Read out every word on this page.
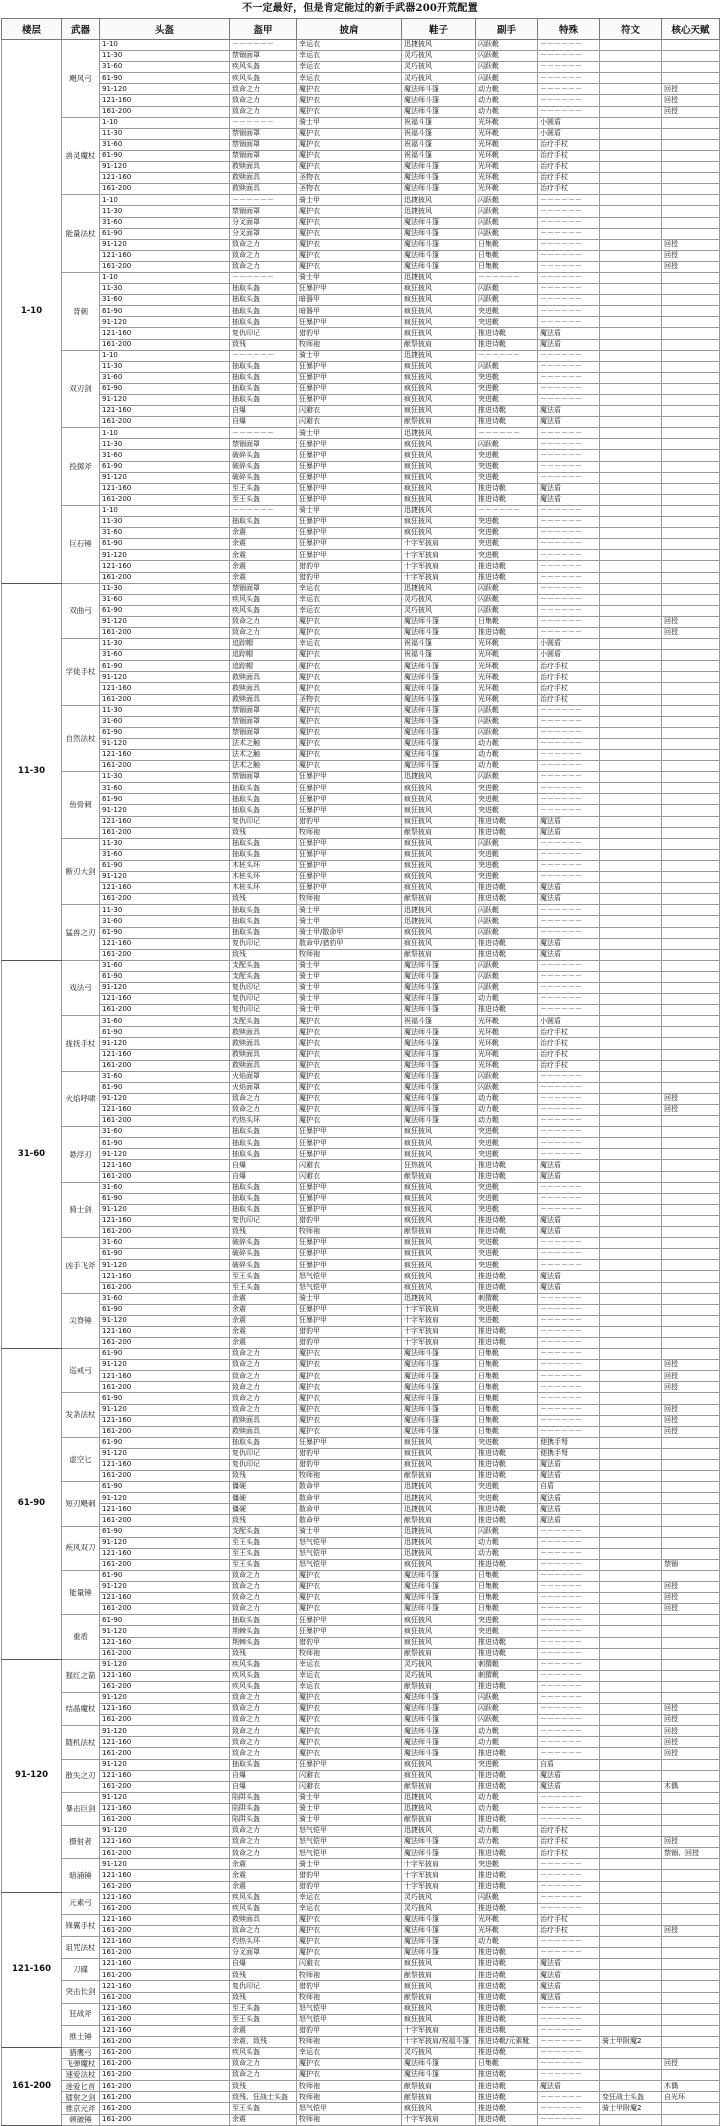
不一定最好，但是肯定能过的新手武器200开荒配置
楼层	武器	头盔	盔甲	披肩	鞋子	副手	特殊	符文	核心天赋
1-10	飓风弓	1-10	－－－－－－	幸运衣	迅捷披风	闪跃靴	－－－－－－		
		11-30	禁锢面罩	幸运衣	灵巧披风	闪跃靴	－－－－－－		
		31-60	疾风头盔	幸运衣	灵巧披风	闪跃靴	－－－－－－		
		61-90	疾风头盔	幸运衣	灵巧披风	闪跃靴	－－－－－－		
		91-120	致命之力	魔护衣	魔法师斗篷	动力靴	－－－－－－		回授
		121-160	致命之力	魔护衣	魔法师斗篷	动力靴	－－－－－－		回授
		161-200	致命之力	魔护衣	魔法师斗篷	动力靴	－－－－－－		回授
	兽灵魔杖	1-10	－－－－－－	骑士甲	祝福斗篷	光环靴	小圆盾		
		11-30	禁锢面罩	魔护衣	祝福斗篷	光环靴	小圆盾		
		31-60	禁锢面罩	魔护衣	祝福斗篷	光环靴	治疗手杖		
		61-90	禁锢面罩	魔护衣	祝福斗篷	光环靴	治疗手杖		
		91-120	救赎面具	魔护衣	魔法师斗篷	光环靴	治疗手杖		
		121-160	救赎面具	圣物衣	魔法师斗篷	光环靴	治疗手杖		
		161-200	救赎面具	圣物衣	魔法师斗篷	光环靴	治疗手杖		
	能量法杖	1-10	－－－－－－	骑士甲	迅捷披风	闪跃靴	－－－－－－		
		11-30	禁锢面罩	魔护衣	迅捷披风	闪跃靴	－－－－－－		
		31-60	分叉面罩	魔护衣	魔法师斗篷	闪跃靴	－－－－－－		
		61-90	分叉面罩	魔护衣	魔法师斗篷	闪跃靴	－－－－－－		
		91-120	致命之力	魔护衣	魔法师斗篷	日集靴	－－－－－－		回授
		121-160	致命之力	魔护衣	魔法师斗篷	日集靴	－－－－－－		回授
		161-200	致命之力	魔护衣	魔法师斗篷	日集靴	－－－－－－		回授
	背刺	1-10	－－－－－－	骑士甲	迅捷披风	－－－－－－	－－－－－－		
		11-30	抽取头盔	狂暴护甲	疯狂披风	闪跃靴	－－－－－－		
		31-60	抽取头盔	暗器甲	疯狂披风	闪跃靴	－－－－－－		
		61-90	抽取头盔	暗器甲	疯狂披风	突进靴	－－－－－－		
		91-120	抽取头盔	狂暴护甲	疯狂披风	突进靴	－－－－－－		
		121-160	复仇印记	猎豹甲	疯狂披风	推进诗靴	魔法盾		
		161-200	致残	牧师袍	献祭披肩	推进诗靴	魔法盾		
	双刃剑	1-10	－－－－－－	骑士甲	迅捷披风	－－－－－－	－－－－－－		
		11-30	抽取头盔	狂暴护甲	疯狂披风	闪跃靴	－－－－－－		
		31-60	抽取头盔	狂暴护甲	疯狂披风	突进靴	－－－－－－		
		61-90	抽取头盔	狂暴护甲	疯狂披风	突进靴	－－－－－－		
		91-120	抽取头盔	狂暴护甲	疯狂披风	突进靴	－－－－－－		
		121-160	自爆	闪避衣	疯狂披风	推进诗靴	魔法盾		
		161-200	自爆	闪避衣	献祭披肩	推进诗靴	魔法盾		
	投掷斧	1-10	－－－－－－	骑士甲	迅捷披风	－－－－－－	－－－－－－		
		11-30	禁锢面罩	狂暴护甲	疯狂披风	闪跃靴	－－－－－－		
		31-60	破碎头盔	狂暴护甲	疯狂披风	突进靴	－－－－－－		
		61-90	破碎头盔	狂暴护甲	疯狂披风	突进靴	－－－－－－		
		91-120	破碎头盔	狂暴护甲	疯狂披风	突进靴	－－－－－－		
		121-160	至王头盔	狂暴护甲	疯狂披风	推进诗靴	魔法盾		
		161-200	至王头盔	狂暴护甲	疯狂披风	推进诗靴	魔法盾		
	巨石锤	1-10	－－－－－－	骑士甲	迅捷披风	－－－－－－	－－－－－－		
		11-30	抽取头盔	狂暴护甲	疯狂披风	突进靴	－－－－－－		
		31-60	余震	狂暴护甲	疯狂披风	突进靴	－－－－－－		
		61-90	余震	狂暴护甲	十字军披肩	突进靴	－－－－－－		
		91-120	余震	狂暴护甲	十字军披肩	突进靴	－－－－－－		
		121-160	余震	猎豹甲	十字军披肩	推进诗靴	－－－－－－		
		161-200	余震	猎豹甲	十字军披肩	推进诗靴	－－－－－－		
11-30	双曲弓	11-30	禁锢面罩	幸运衣	迅捷披风	闪跃靴	－－－－－－		
		31-60	疾风头盔	幸运衣	灵巧披风	闪跃靴	－－－－－－		
		61-90	疾风头盔	幸运衣	灵巧披风	闪跃靴	－－－－－－		
		91-120	致命之力	魔护衣	魔法师斗篷	日集靴	－－－－－－		回授
		161-200	致命之力	魔护衣	魔法师斗篷	推进诗靴	－－－－－－		回授
	学徒手杖	11-30	追踪帽	幸运衣	祝福斗篷	光环靴	小圆盾		
		31-60	追踪帽	魔护衣	祝福斗篷	光环靴	小圆盾		
		61-90	追踪帽	魔护衣	魔法师斗篷	光环靴	治疗手杖		
		91-120	救赎面具	魔护衣	魔法师斗篷	光环靴	治疗手杖		
		121-160	救赎面具	魔护衣	魔法师斗篷	光环靴	治疗手杖		
		161-200	救赎面具	圣物衣	魔法师斗篷	光环靴	治疗手杖		
	自然法杖	11-30	禁锢面罩	魔护衣	魔法师斗篷	闪跃靴	－－－－－－		
		31-60	禁锢面罩	魔护衣	魔法师斗篷	闪跃靴	－－－－－－		
		61-90	禁锢面罩	魔护衣	魔法师斗篷	闪跃靴	－－－－－－		
		91-120	法术之触	魔护衣	魔法师斗篷	动力靴	－－－－－－		
		121-160	法术之触	魔护衣	魔法师斗篷	动力靴	－－－－－－		
		161-200	法术之触	魔护衣	魔法师斗篷	动力靴	－－－－－－		
	鱼骨刺	11-30	禁锢面罩	狂暴护甲	迅捷披风	闪跃靴	－－－－－－		
		31-60	抽取头盔	狂暴护甲	疯狂披风	突进靴	－－－－－－		
		61-90	抽取头盔	狂暴护甲	疯狂披风	突进靴	－－－－－－		
		91-120	抽取头盔	狂暴护甲	疯狂披风	突进靴	－－－－－－		
		121-160	复仇印记	猎豹甲	疯狂披风	推进诗靴	魔法盾		
		161-200	致残	牧师袍	献祭披肩	推进诗靴	魔法盾		
	断刃大剑	11-30	抽取头盔	狂暴护甲	疯狂披风	闪跃靴	－－－－－－		
		31-60	抽取头盔	狂暴护甲	疯狂披风	突进靴	－－－－－－		
		61-90	木桩头环	狂暴护甲	疯狂披风	突进靴	－－－－－－		
		91-120	木桩头环	狂暴护甲	疯狂披风	突进靴	－－－－－－		
		121-160	木桩头环	狂暴护甲	疯狂披风	推进诗靴	魔法盾		
		161-200	致残	牧师袍	献祭披肩	推进诗靴	魔法盾		
	猛兽之刃	11-30	抽取头盔	骑士甲	迅捷披风	闪跃靴	－－－－－－		
		31-60	抽取头盔	骑士甲	迅捷披风	闪跃靴	－－－－－－		
		61-90	抽取头盔	骑士甲/散命甲	疯狂披风	闪跃靴	－－－－－－		
		121-160	复仇印记	散命甲/猎豹甲	疯狂披风	推进诗靴	魔法盾		
		161-200	致残	牧师袍	献祭披肩	推进诗靴	魔法盾		
31-60	戏法弓	31-60	支配头盔	骑士甲	魔法师斗篷	闪跃靴	－－－－－－		
		61-90	支配头盔	骑士甲	魔法师斗篷	闪跃靴	－－－－－－		
		91-120	复仇印记	骑士甲	魔法师斗篷	闪跃靴	－－－－－－		
		121-160	复仇印记	骑士甲	魔法师斗篷	动力靴	－－－－－－		
		161-200	复仇印记	骑士甲	魔法师斗篷	推进诗靴	－－－－－－		
	拢抚手杖	31-60	支配头盔	魔护衣	祝福斗篷	光环靴	小圆盾		
		61-90	救赎面具	魔护衣	魔法师斗篷	光环靴	治疗手杖		
		91-120	救赎面具	魔护衣	魔法师斗篷	光环靴	治疗手杖		
		121-160	救赎面具	魔护衣	魔法师斗篷	光环靴	治疗手杖		
		161-200	救赎面具	魔护衣	魔法师斗篷	光环靴	治疗手杖		
	火焰呼啸	31-60	火焰面罩	魔护衣	魔法师斗篷	闪跃靴	－－－－－－		
		61-90	火焰面罩	魔护衣	魔法师斗篷	闪跃靴	－－－－－－		
		91-120	致命之力	魔护衣	魔法师斗篷	动力靴	－－－－－－		回授
		121-160	致命之力	魔护衣	魔法师斗篷	动力靴	－－－－－－		回授
		161-200	灼热头环	魔护衣	魔法师斗篷	动力靴	－－－－－－		
	悬浮刃	31-60	抽取头盔	狂暴护甲	疯狂披风	突进靴	－－－－－－		
		61-90	抽取头盔	狂暴护甲	疯狂披风	突进靴	－－－－－－		
		91-120	抽取头盔	狂暴护甲	疯狂披风	突进靴	－－－－－－		
		121-160	自爆	闪避衣	狂热披风	推进诗靴	魔法盾		
		161-200	自爆	闪避衣	献祭披肩	推进诗靴	魔法盾		
	骑士剑	31-60	抽取头盔	狂暴护甲	疯狂披风	突进靴	－－－－－－		
		61-90	抽取头盔	狂暴护甲	疯狂披风	突进靴	－－－－－－		
		91-120	抽取头盔	狂暴护甲	疯狂披风	突进靴	－－－－－－		
		121-160	复仇印记	猎豹甲	疯狂披风	推进诗靴	魔法盾		
		161-200	致残	牧师袍	献祭披肩	推进诗靴	魔法盾		
	凶手飞斧	31-60	破碎头盔	狂暴护甲	疯狂披风	突进靴	－－－－－－		
		61-90	破碎头盔	狂暴护甲	疯狂披风	突进靴	－－－－－－		
		91-120	破碎头盔	狂暴护甲	疯狂披风	突进靴	－－－－－－		
		121-160	至王头盔	怒气铠甲	疯狂披风	推进诗靴	魔法盾		
		161-200	至王头盔	怒气铠甲	疯狂披风	推进诗靴	魔法盾		
	尖脊锤	31-60	余震	骑士甲	迅捷披风	刺猬靴	－－－－－－		
		61-90	余震	狂暴护甲	十字军披肩	突进靴	－－－－－－		
		91-120	余震	狂暴护甲	十字军披肩	突进靴	－－－－－－		
		121-160	余震	猎豹甲	十字军披肩	推进诗靴	－－－－－－		
		161-200	余震	猎豹甲	十字军披肩	推进诗靴	－－－－－－		
61-90	巡戒弓	61-90	致命之力	魔护衣	魔法师斗篷	日集靴	－－－－－－		
		91-120	致命之力	魔护衣	魔法师斗篷	日集靴	－－－－－－		回授
		121-160	致命之力	魔护衣	魔法师斗篷	日集靴	－－－－－－		回授
		161-200	致命之力	魔护衣	魔法师斗篷	日集靴	－－－－－－		回授
	发条法杖	61-90	致命之力	魔护衣	魔法师斗篷	日集靴	－－－－－－		
		91-120	致命之力	魔护衣	魔法师斗篷	日集靴	－－－－－－		回授
		121-160	救赎面具	魔护衣	魔法师斗篷	日集靴	－－－－－－		回授
		161-200	救赎面具	魔护衣	魔法师斗篷	日集靴	－－－－－－		回授
	虚空匕	61-90	抽取头盔	狂暴护甲	疯狂披风	突进靴	便携手弩		
		91-120	复仇印记	猎豹甲	疯狂披风	推进诗靴	便携手弩		
		121-160	复仇印记	猎豹甲	疯狂披风	推进诗靴	魔法盾		
		161-200	致残	牧师袍	献祭披肩	推进诗靴	魔法盾		
	短刃飓刺	61-90	僵硬	散命甲	迅捷披风	突进靴	自盾		
		91-120	僵硬	散命甲	迅捷披风	突进靴	魔法盾		
		121-160	僵硬	散命甲	迅捷披风	推进诗靴	魔法盾		
		161-200	致残	散命甲	献祭披肩	推进诗靴	魔法盾		
	疾风双刀	61-90	支配头盔	骑士甲	迅捷披风	闪跃靴	－－－－－－		
		91-120	至王头盔	怒气铠甲	迅捷披风	动力靴	－－－－－－		
		121-160	至王头盔	怒气铠甲	迅捷披风	动力靴	－－－－－－		
		161-200	至王头盔	怒气铠甲	疯狂披风	推进诗靴	－－－－－－		禁锢
	能量锤	61-90	致命之力	魔护衣	魔法师斗篷	日集靴	－－－－－－		
		91-120	致命之力	魔护衣	魔法师斗篷	日集靴	－－－－－－		回授
		121-160	致命之力	魔护衣	魔法师斗篷	日集靴	－－－－－－		回授
		161-200	致命之力	魔护衣	魔法师斗篷	日集靴	－－－－－－		回授
	重盾	61-90	抽取头盔	狂暴护甲	疯狂披风	突进靴	－－－－－－		
		91-120	荆棘头盔	狂暴护甲	疯狂披风	突进靴	－－－－－－		
		121-160	荆棘头盔	猎豹甲	疯狂披风	推进诗靴	－－－－－－		
		161-200	致残	牧师袍	献祭披肩	推进诗靴	－－－－－－		
91-120	猩红之箭	91-120	疾风头盔	幸运衣	灵巧披风	刺猬靴	－－－－－－		
		121-160	疾风头盔	幸运衣	灵巧披风	刺猬靴	－－－－－－		
		161-200	疾风头盔	幸运衣	献祭披肩	推进诗靴	－－－－－－		
	结晶魔杖	91-120	致命之力	魔护衣	魔法师斗篷	闪跃靴	－－－－－－		
		121-160	致命之力	魔护衣	魔法师斗篷	闪跃靴	－－－－－－		回授
		161-200	致命之力	魔护衣	魔法师斗篷	闪跃靴	－－－－－－		回授
	随机法杖	91-120	致命之力	魔护衣	魔法师斗篷	动力靴	－－－－－－		回授
		121-160	致命之力	魔护衣	魔法师斗篷	动力靴	－－－－－－		回授
		161-200	致命之力	魔护衣	魔法师斗篷	推进诗靴	－－－－－－		回授
	散失之刃	91-120	抽取头盔	狂暴护甲	疯狂披风	突进靴	自盾		
		121-160	自爆	闪避衣	疯狂披风	推进诗靴	魔法盾		
		161-200	自爆	闪避衣	献祭披肩	推进诗靴	魔法盾		木偶
	暴击巨剑	91-120	陷阱头盔	骑士甲	迅捷披风	动力靴	－－－－－－		
		121-160	陷阱头盔	骑士甲	迅捷披风	动力靴	－－－－－－		
		161-200	陷阱头盔	骑士甲	献祭披肩	推进诗靴	－－－－－－		
	摄射者	91-120	致命之力	怒气铠甲	迅捷披风	动力靴	治疗手杖		
		121-160	致命之力	怒气铠甲	魔法师斗篷	动力靴	治疗手杖		回授
		161-200	致命之力	怒气铠甲	魔法师斗篷	推进诗靴	治疗手杖		禁锢、回授
	暗涌锤	91-120	余震	骑士甲	十字军披肩	突进靴	－－－－－－		
		121-160	余震	猎豹甲	十字军披肩	推进诗靴	－－－－－－		
		161-200	余震	猎豹甲	十字军披肩	推进诗靴	－－－－－－		
121-160	元素弓	121-160	疾风头盔	幸运衣	灵巧披风	闪跃靴	－－－－－－		
		161-200	疾风头盔	幸运衣	灵巧披风	推进诗靴	－－－－－－		
	锋翼手杖	121-160	救赎面具	魔护衣	魔法师斗篷	光环靴	治疗手杖		
		161-200	致命之力	魔护衣	魔法师斗篷	光环靴	治疗手杖		回授
	诅咒法杖	121-160	灼热头环	魔护衣	魔法师斗篷	动力靴	－－－－－－		
		161-200	分叉面罩	魔护衣	魔法师斗篷	推进诗靴	－－－－－－		
	刀碟	121-160	自爆	闪避衣	疯狂披风	推进诗靴	魔法盾		
		161-200	致残	牧师袍	献祭披肩	推进诗靴	魔法盾		
	突击长剑	121-160	复仇印记	猎豹甲	疯狂披风	推进诗靴	魔法盾		
		161-200	致残	牧师袍	献祭披肩	推进诗靴	魔法盾		
	狂战斧	121-160	至王头盔	怒气铠甲	疯狂披风	推进诗靴	－－－－－－		
		161-200	至王头盔	怒气铠甲	疯狂披风	推进诗靴	－－－－－－		
	推土锤	121-160	余震	猎豹甲	十字军披肩	推进诗靴	－－－－－－		
		161-200	余震、致残	牧师袍	十字军披肩/祝福斗篷	推进诗靴/元素靴	－－－－－－	骑士甲附魔2	
161-200	猎鹰弓	161-200	疾风头盔	幸运衣	灵巧披风	推进诗靴	－－－－－－		
	飞弹魔杖	161-200	致命之力	魔护衣	魔法师斗篷	日集靴	－－－－－－		回授
	速爱法杖	161-200	致命之力	魔护衣	魔法师斗篷	推进诗靴	－－－－－－		
	迷爱匕首	161-200	致残	牧师袍	献祭披肩	推进诗靴	魔法盾		木偶
	镭射之剑	161-200	致残、狂战士头盔	牧师袍	献祭披肩	推进诗靴	－－－－－－	变狂战士头盔	自光环
	推京元斧	161-200	至王头盔	怒气铠甲	疯狂披风	推进诗靴	－－－－－－	骑士甲附魔2	
	顿破锤	161-200	余震	牧师袍	十字军披肩	推进诗靴	－－－－－－		
